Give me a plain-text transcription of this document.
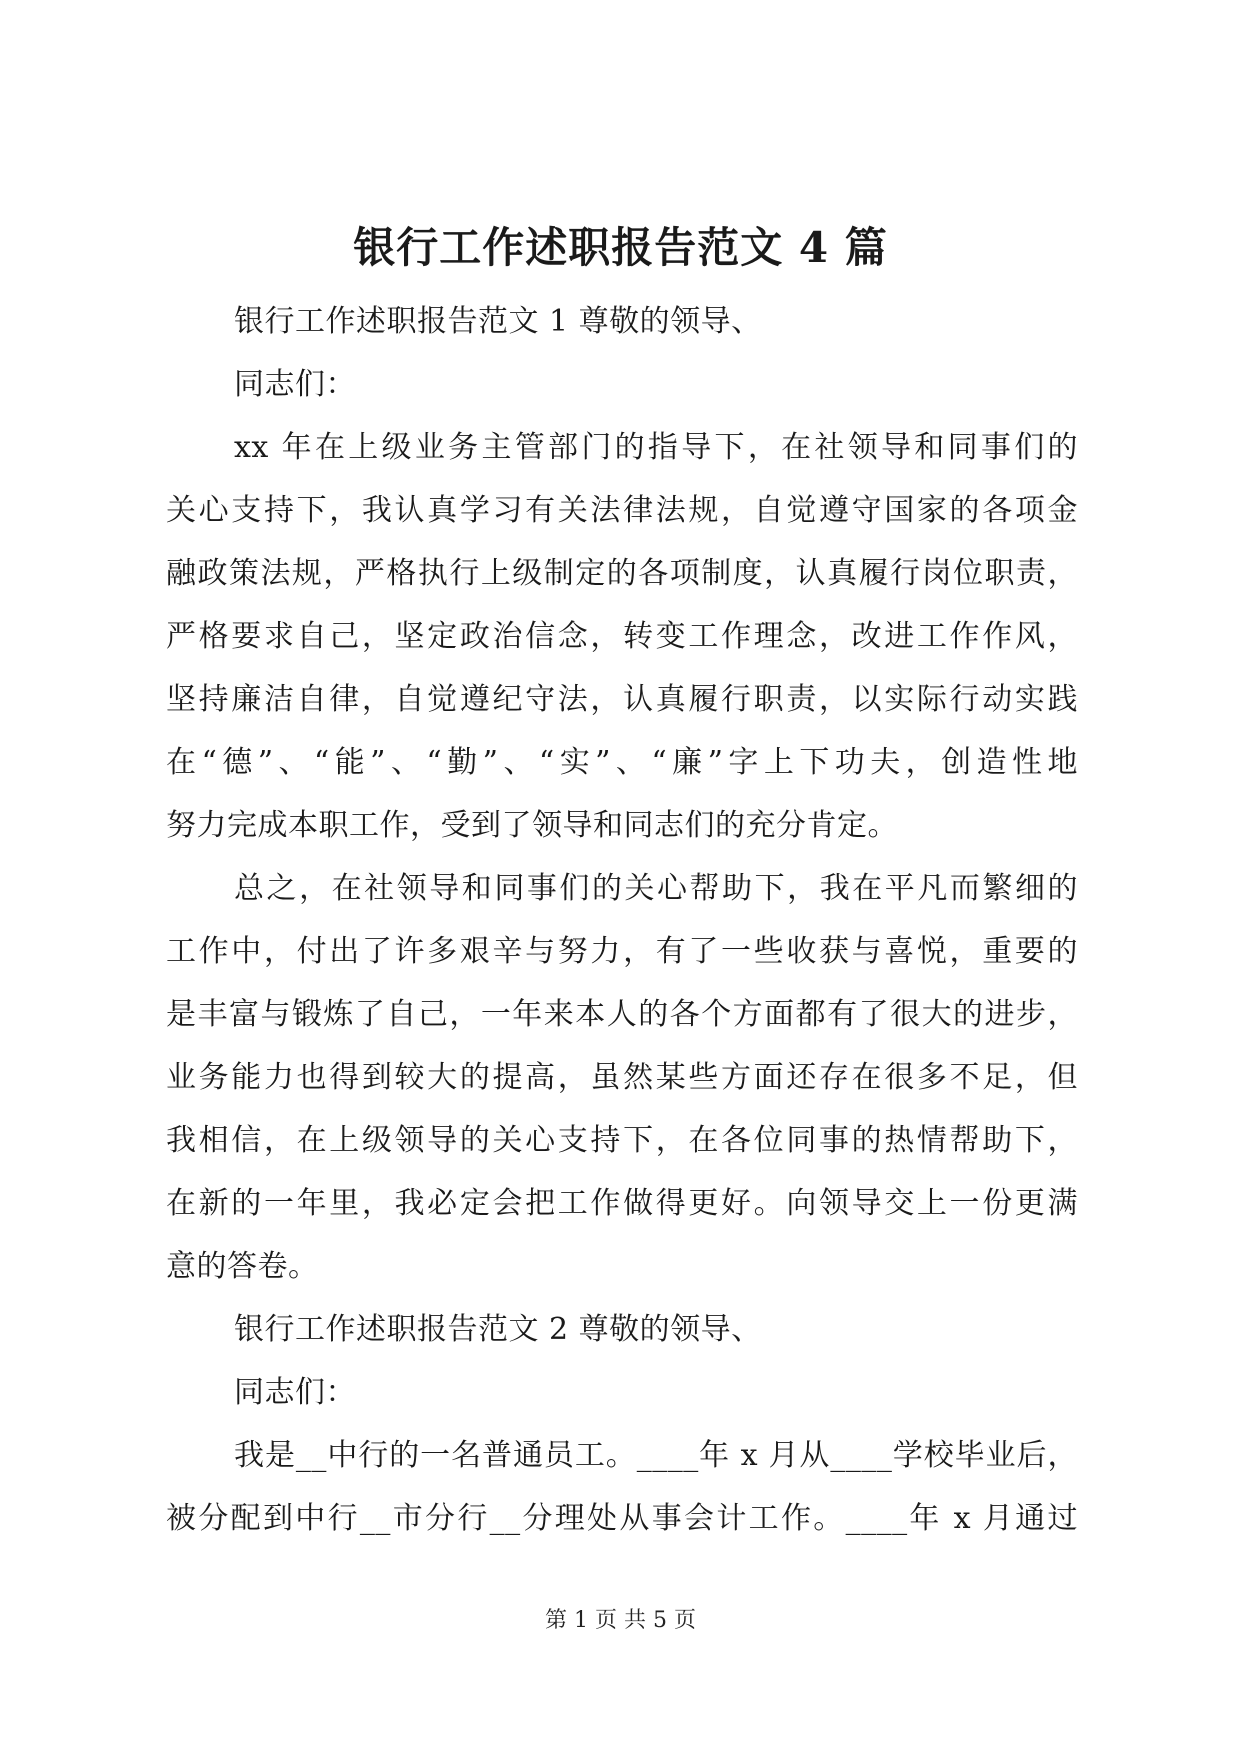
银行工作述职报告范文 4 篇
银行工作述职报告范文 1 尊敬的领导、
同志们：
xx 年在上级业务主管部门的指导下，在社领导和同事们的
关心支持下，我认真学习有关法律法规，自觉遵守国家的各项金
融政策法规，严格执行上级制定的各项制度，认真履行岗位职责，
严格要求自己，坚定政治信念，转变工作理念，改进工作作风，
坚持廉洁自律，自觉遵纪守法，认真履行职责，以实际行动实践
在“德”、“能”、“勤”、“实”、“廉”字上下功夫，创造性地
努力完成本职工作，受到了领导和同志们的充分肯定。
总之，在社领导和同事们的关心帮助下，我在平凡而繁细的
工作中，付出了许多艰辛与努力，有了一些收获与喜悦，重要的
是丰富与锻炼了自己，一年来本人的各个方面都有了很大的进步，
业务能力也得到较大的提高，虽然某些方面还存在很多不足，但
我相信，在上级领导的关心支持下，在各位同事的热情帮助下，
在新的一年里，我必定会把工作做得更好。向领导交上一份更满
意的答卷。
银行工作述职报告范文 2 尊敬的领导、
同志们：
我是__中行的一名普通员工。____年 x 月从____学校毕业后，
被分配到中行__市分行__分理处从事会计工作。____年 x 月通过
第 1 页 共 5 页
